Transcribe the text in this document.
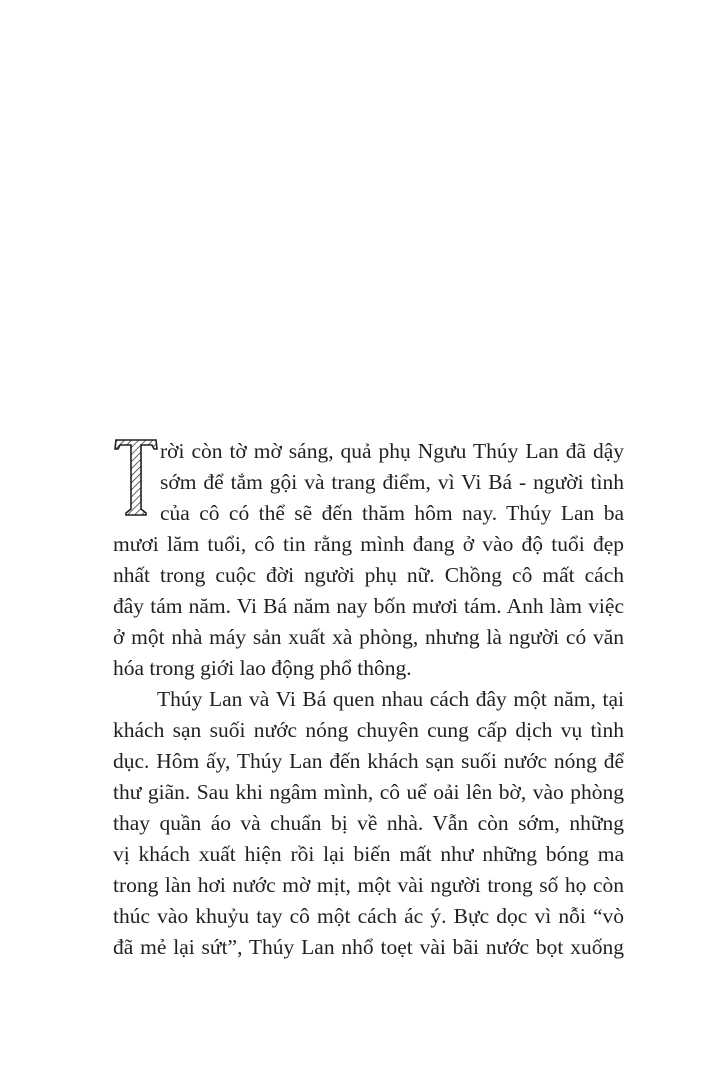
rời còn tờ mờ sáng, quả phụ Ngưu Thúy Lan đã dậy
sớm để tắm gội và trang điểm, vì Vi Bá - người tình
của cô có thể sẽ đến thăm hôm nay. Thúy Lan ba
mươi lăm tuổi, cô tin rằng mình đang ở vào độ tuổi đẹp
nhất trong cuộc đời người phụ nữ. Chồng cô mất cách
đây tám năm. Vi Bá năm nay bốn mươi tám. Anh làm việc
ở một nhà máy sản xuất xà phòng, nhưng là người có văn
hóa trong giới lao động phổ thông.
Thúy Lan và Vi Bá quen nhau cách đây một năm, tại
khách sạn suối nước nóng chuyên cung cấp dịch vụ tình
dục. Hôm ấy, Thúy Lan đến khách sạn suối nước nóng để
thư giãn. Sau khi ngâm mình, cô uể oải lên bờ, vào phòng
thay quần áo và chuẩn bị về nhà. Vẫn còn sớm, những
vị khách xuất hiện rồi lại biến mất như những bóng ma
trong làn hơi nước mờ mịt, một vài người trong số họ còn
thúc vào khuỷu tay cô một cách ác ý. Bực dọc vì nỗi “vò
đã mẻ lại sứt”, Thúy Lan nhổ toẹt vài bãi nước bọt xuống
